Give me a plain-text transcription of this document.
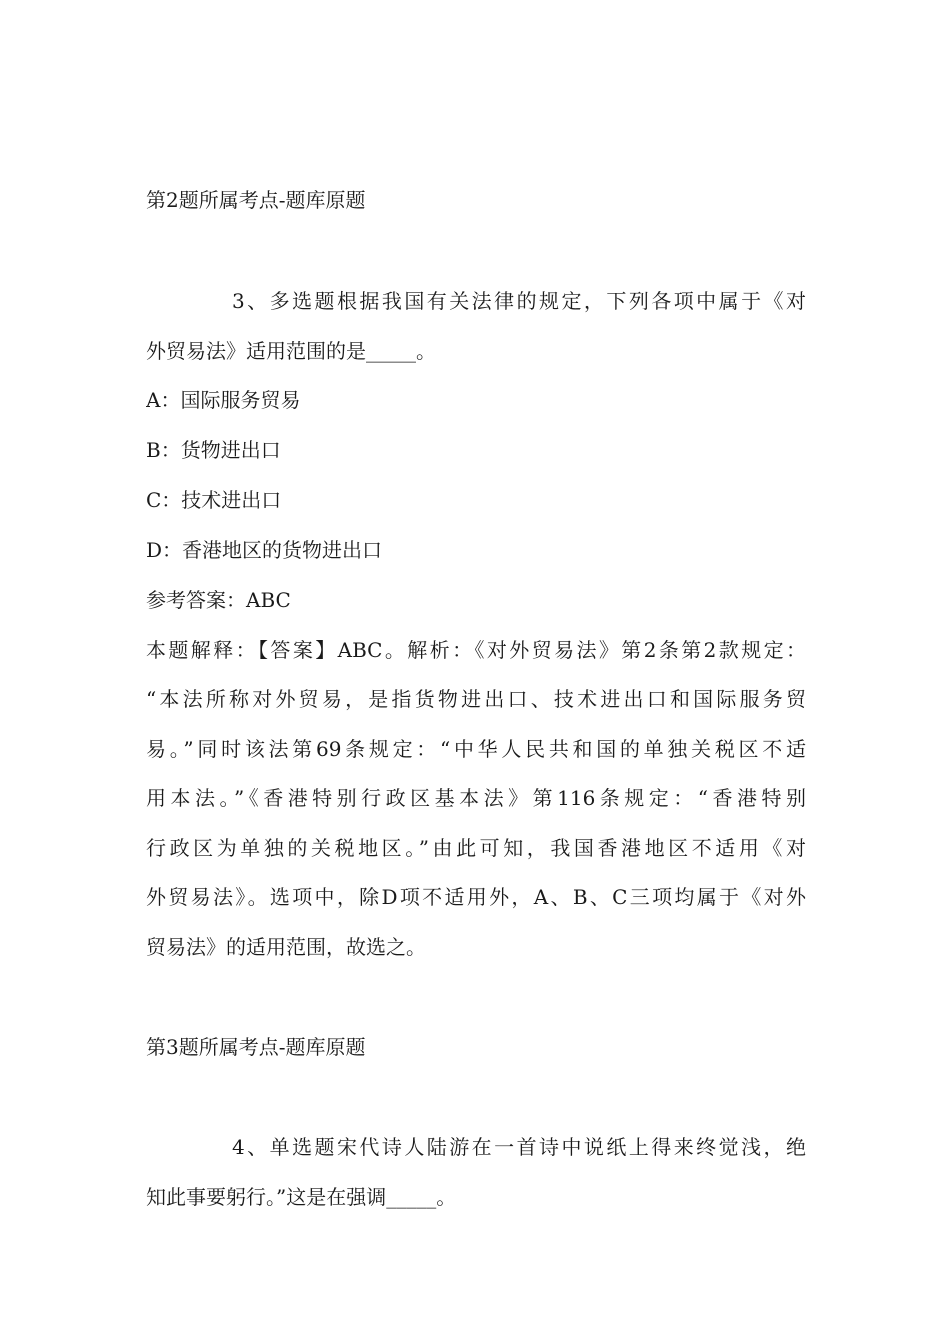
第2题所属考点-题库原题
3、多选题根据我国有关法律的规定，下列各项中属于《对
外贸易法》适用范围的是_____。
A：国际服务贸易
B：货物进出口
C：技术进出口
D：香港地区的货物进出口
参考答案：ABC
本题解释：【答案】ABC。解析：《对外贸易法》第2条第2款规定：
“本法所称对外贸易，是指货物进出口、技术进出口和国际服务贸
易。”同时该法第69条规定：“中华人民共和国的单独关税区不适
用本法。”《香港特别行政区基本法》第116条规定：“香港特别
行政区为单独的关税地区。”由此可知，我国香港地区不适用《对
外贸易法》。选项中，除D项不适用外，A、B、C三项均属于《对外
贸易法》的适用范围，故选之。
第3题所属考点-题库原题
4、单选题宋代诗人陆游在一首诗中说纸上得来终觉浅，绝
知此事要躬行。”这是在强调_____。
